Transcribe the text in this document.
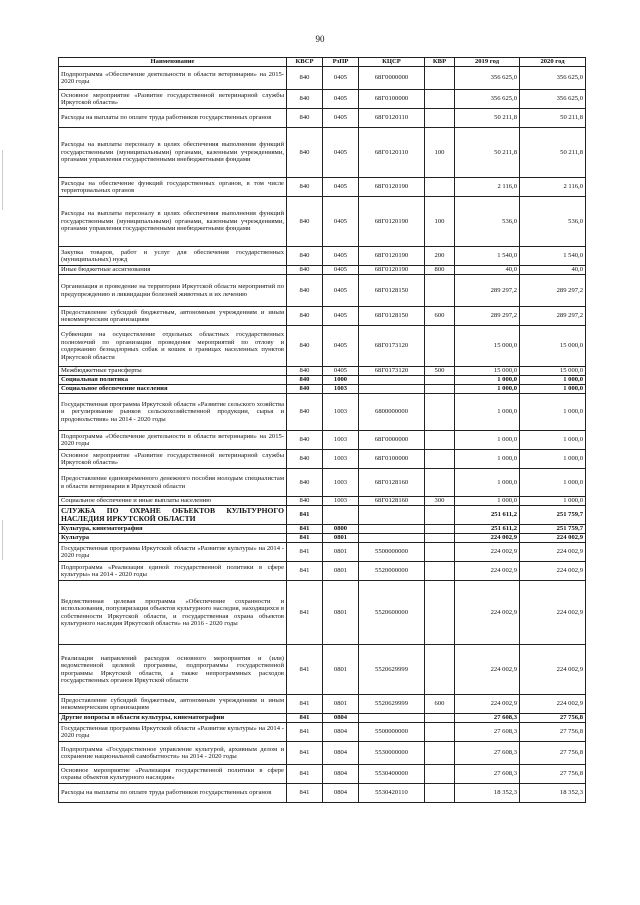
90
Наименование	КВСР	РзПР	КЦСР	КВР	2019 год	2020 год
Подпрограмма «Обеспечение деятельности в области ветеринарии» на 2015-2020 годы	840	0405	68Г0000000		356 625,0	356 625,0
Основное мероприятие «Развитие государственной ветеринарной службы Иркутской области»	840	0405	68Г0100000		356 625,0	356 625,0
Расходы на выплаты по оплате труда работников государственных органов	840	0405	68Г0120110		50 211,8	50 211,8
Расходы на выплаты персоналу в целях обеспечения выполнения функций государственными (муниципальными) органами, казенными учреждениями, органами управления государственными внебюджетными фондами	840	0405	68Г0120110	100	50 211,8	50 211,8
Расходы на обеспечение функций государственных органов, в том числе территориальных органов	840	0405	68Г0120190		2 116,0	2 116,0
Расходы на выплаты персоналу в целях обеспечения выполнения функций государственными (муниципальными) органами, казенными учреждениями, органами управления государственными внебюджетными фондами	840	0405	68Г0120190	100	536,0	536,0
Закупка товаров, работ и услуг для обеспечения государственных (муниципальных) нужд	840	0405	68Г0120190	200	1 540,0	1 540,0
Иные бюджетные ассигнования	840	0405	68Г0120190	800	40,0	40,0
Организация и проведение на территории Иркутской области мероприятий по предупреждению и ликвидации болезней животных и их лечению	840	0405	68Г0128150		289 297,2	289 297,2
Предоставление субсидий бюджетным, автономным учреждениям и иным некоммерческим организациям	840	0405	68Г0128150	600	289 297,2	289 297,2
Субвенции на осуществление отдельных областных государственных полномочий по организации проведения мероприятий по отлову и содержанию безнадзорных собак и кошек в границах населенных пунктов Иркутской области	840	0405	68Г0173120		15 000,0	15 000,0
Межбюджетные трансферты	840	0405	68Г0173120	500	15 000,0	15 000,0
Социальная политика	840	1000			1 000,0	1 000,0
Социальное обеспечение населения	840	1003			1 000,0	1 000,0
Государственная программа Иркутской области «Развитие сельского хозяйства и регулирование рынков сельскохозяйственной продукции, сырья и продовольствия» на 2014 - 2020 годы	840	1003	6800000000		1 000,0	1 000,0
Подпрограмма «Обеспечение деятельности в области ветеринарии» на 2015-2020 годы	840	1003	68Г0000000		1 000,0	1 000,0
Основное мероприятие «Развитие государственной ветеринарной службы Иркутской области»	840	1003	68Г0100000		1 000,0	1 000,0
Предоставление единовременного денежного пособия молодым специалистам в области ветеринарии в Иркутской области	840	1003	68Г0128160		1 000,0	1 000,0
Социальное обеспечение и иные выплаты населению	840	1003	68Г0128160	300	1 000,0	1 000,0
СЛУЖБА ПО ОХРАНЕ ОБЪЕКТОВ КУЛЬТУРНОГО НАСЛЕДИЯ ИРКУТСКОЙ ОБЛАСТИ	841				251 611,2	251 759,7
Культура, кинематография	841	0800			251 611,2	251 759,7
Культура	841	0801			224 002,9	224 002,9
Государственная программа Иркутской области «Развитие культуры» на 2014 - 2020 годы	841	0801	5500000000		224 002,9	224 002,9
Подпрограмма «Реализация единой государственной политики в сфере культуры» на 2014 - 2020 годы	841	0801	5520000000		224 002,9	224 002,9
Ведомственная целевая программа «Обеспечение сохранности и использования, популяризация объектов культурного наследия, находящихся в собственности Иркутской области, и государственная охрана объектов культурного наследия Иркутской области» на 2016 - 2020 годы	841	0801	5520600000		224 002,9	224 002,9
Реализация направлений расходов основного мероприятия и (или) ведомственной целевой программы, подпрограммы государственной программы Иркутской области, а также непрограммных расходов государственных органов Иркутской области	841	0801	5520629999		224 002,9	224 002,9
Предоставление субсидий бюджетным, автономным учреждениям и иным некоммерческим организациям	841	0801	5520629999	600	224 002,9	224 002,9
Другие вопросы в области культуры, кинематографии	841	0804			27 608,3	27 756,8
Государственная программа Иркутской области «Развитие культуры» на 2014 - 2020 годы	841	0804	5500000000		27 608,3	27 756,8
Подпрограмма «Государственное управление культурой, архивным делом и сохранение национальной самобытности» на 2014 - 2020 годы	841	0804	5530000000		27 608,3	27 756,8
Основное мероприятие «Реализация государственной политики в сфере охраны объектов культурного наследия»	841	0804	5530400000		27 608,3	27 756,8
Расходы на выплаты по оплате труда работников государственных органов	841	0804	5530420110		18 352,3	18 352,3
